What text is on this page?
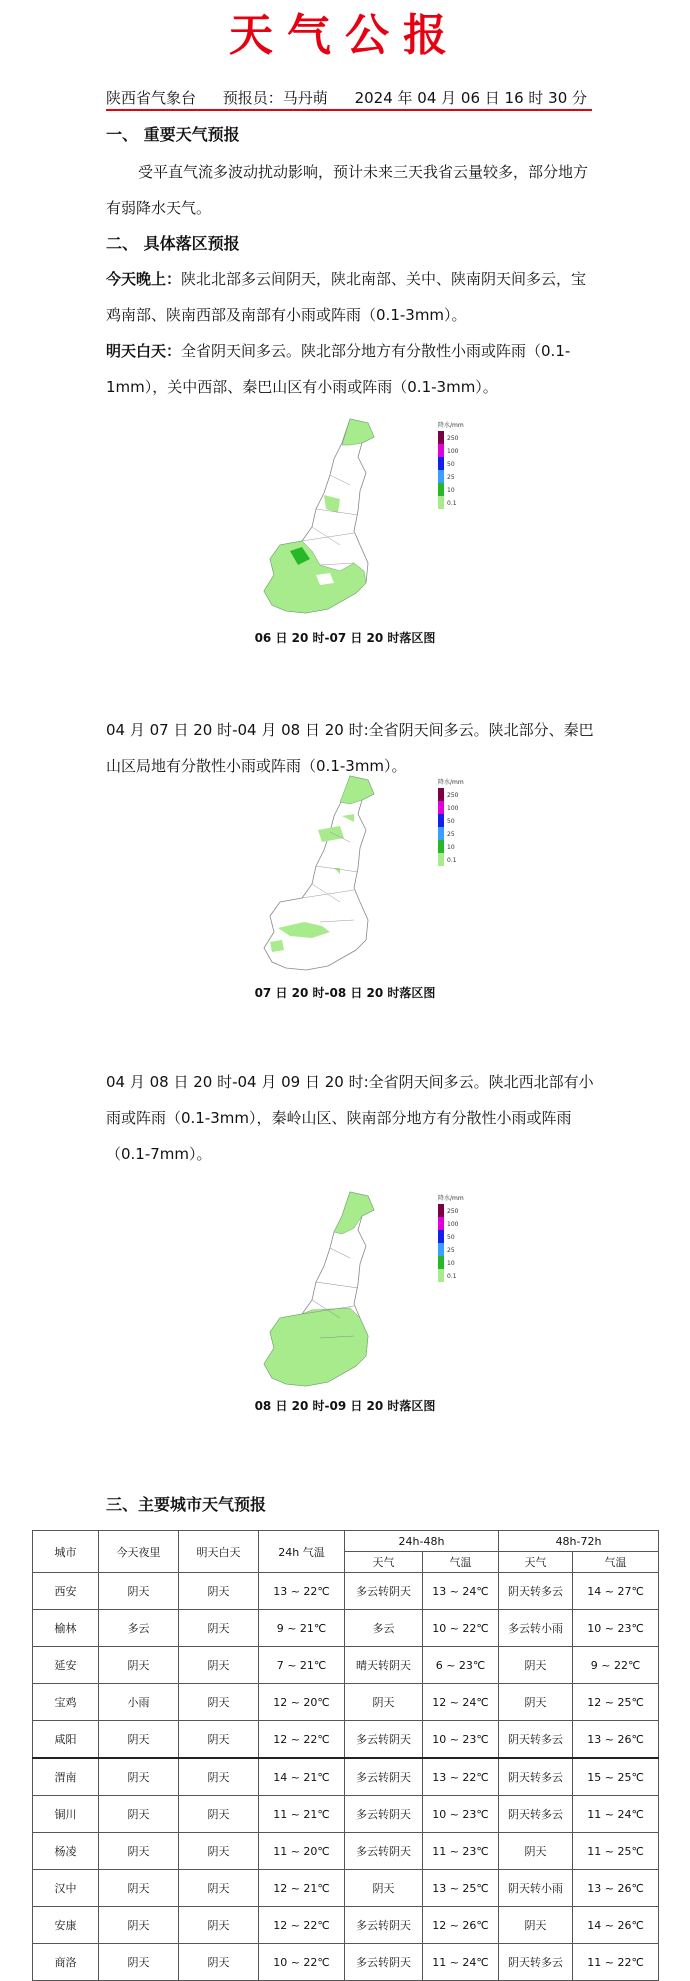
天气公报
陕西省气象台 预报员：马丹萌 2024 年 04 月 06 日 16 时 30 分
一、 重要天气预报
受平直气流多波动扰动影响，预计未来三天我省云量较多，部分地方有弱降水天气。
二、 具体落区预报
今天晚上：陕北北部多云间阴天，陕北南部、关中、陕南阴天间多云，宝鸡南部、陕南西部及南部有小雨或阵雨（0.1-3mm）。
明天白天：全省阴天间多云。陕北部分地方有分散性小雨或阵雨（0.1-1mm），关中西部、秦巴山区有小雨或阵雨（0.1-3mm）。
降水/mm
250
100
50
25
10
0.1
06 日 20 时-07 日 20 时落区图
04 月 07 日 20 时-04 月 08 日 20 时:全省阴天间多云。陕北部分、秦巴山区局地有分散性小雨或阵雨（0.1-3mm）。
降水/mm
250
100
50
25
10
0.1
07 日 20 时-08 日 20 时落区图
04 月 08 日 20 时-04 月 09 日 20 时:全省阴天间多云。陕北西北部有小雨或阵雨（0.1-3mm），秦岭山区、陕南部分地方有分散性小雨或阵雨（0.1-7mm）。
降水/mm
250
100
50
25
10
0.1
08 日 20 时-09 日 20 时落区图
三、主要城市天气预报
城市	今天夜里	明天白天	24h 气温	24h-48h		48h-72h	
				天气	气温	天气	气温
西安	阴天	阴天	13 ~ 22℃	多云转阴天	13 ~ 24℃	阴天转多云	14 ~ 27℃
榆林	多云	阴天	9 ~ 21℃	多云	10 ~ 22℃	多云转小雨	10 ~ 23℃
延安	阴天	阴天	7 ~ 21℃	晴天转阴天	6 ~ 23℃	阴天	9 ~ 22℃
宝鸡	小雨	阴天	12 ~ 20℃	阴天	12 ~ 24℃	阴天	12 ~ 25℃
咸阳	阴天	阴天	12 ~ 22℃	多云转阴天	10 ~ 23℃	阴天转多云	13 ~ 26℃
渭南	阴天	阴天	14 ~ 21℃	多云转阴天	13 ~ 22℃	阴天转多云	15 ~ 25℃
铜川	阴天	阴天	11 ~ 21℃	多云转阴天	10 ~ 23℃	阴天转多云	11 ~ 24℃
杨凌	阴天	阴天	11 ~ 20℃	多云转阴天	11 ~ 23℃	阴天	11 ~ 25℃
汉中	阴天	阴天	12 ~ 21℃	阴天	13 ~ 25℃	阴天转小雨	13 ~ 26℃
安康	阴天	阴天	12 ~ 22℃	多云转阴天	12 ~ 26℃	阴天	14 ~ 26℃
商洛	阴天	阴天	10 ~ 22℃	多云转阴天	11 ~ 24℃	阴天转多云	11 ~ 22℃
